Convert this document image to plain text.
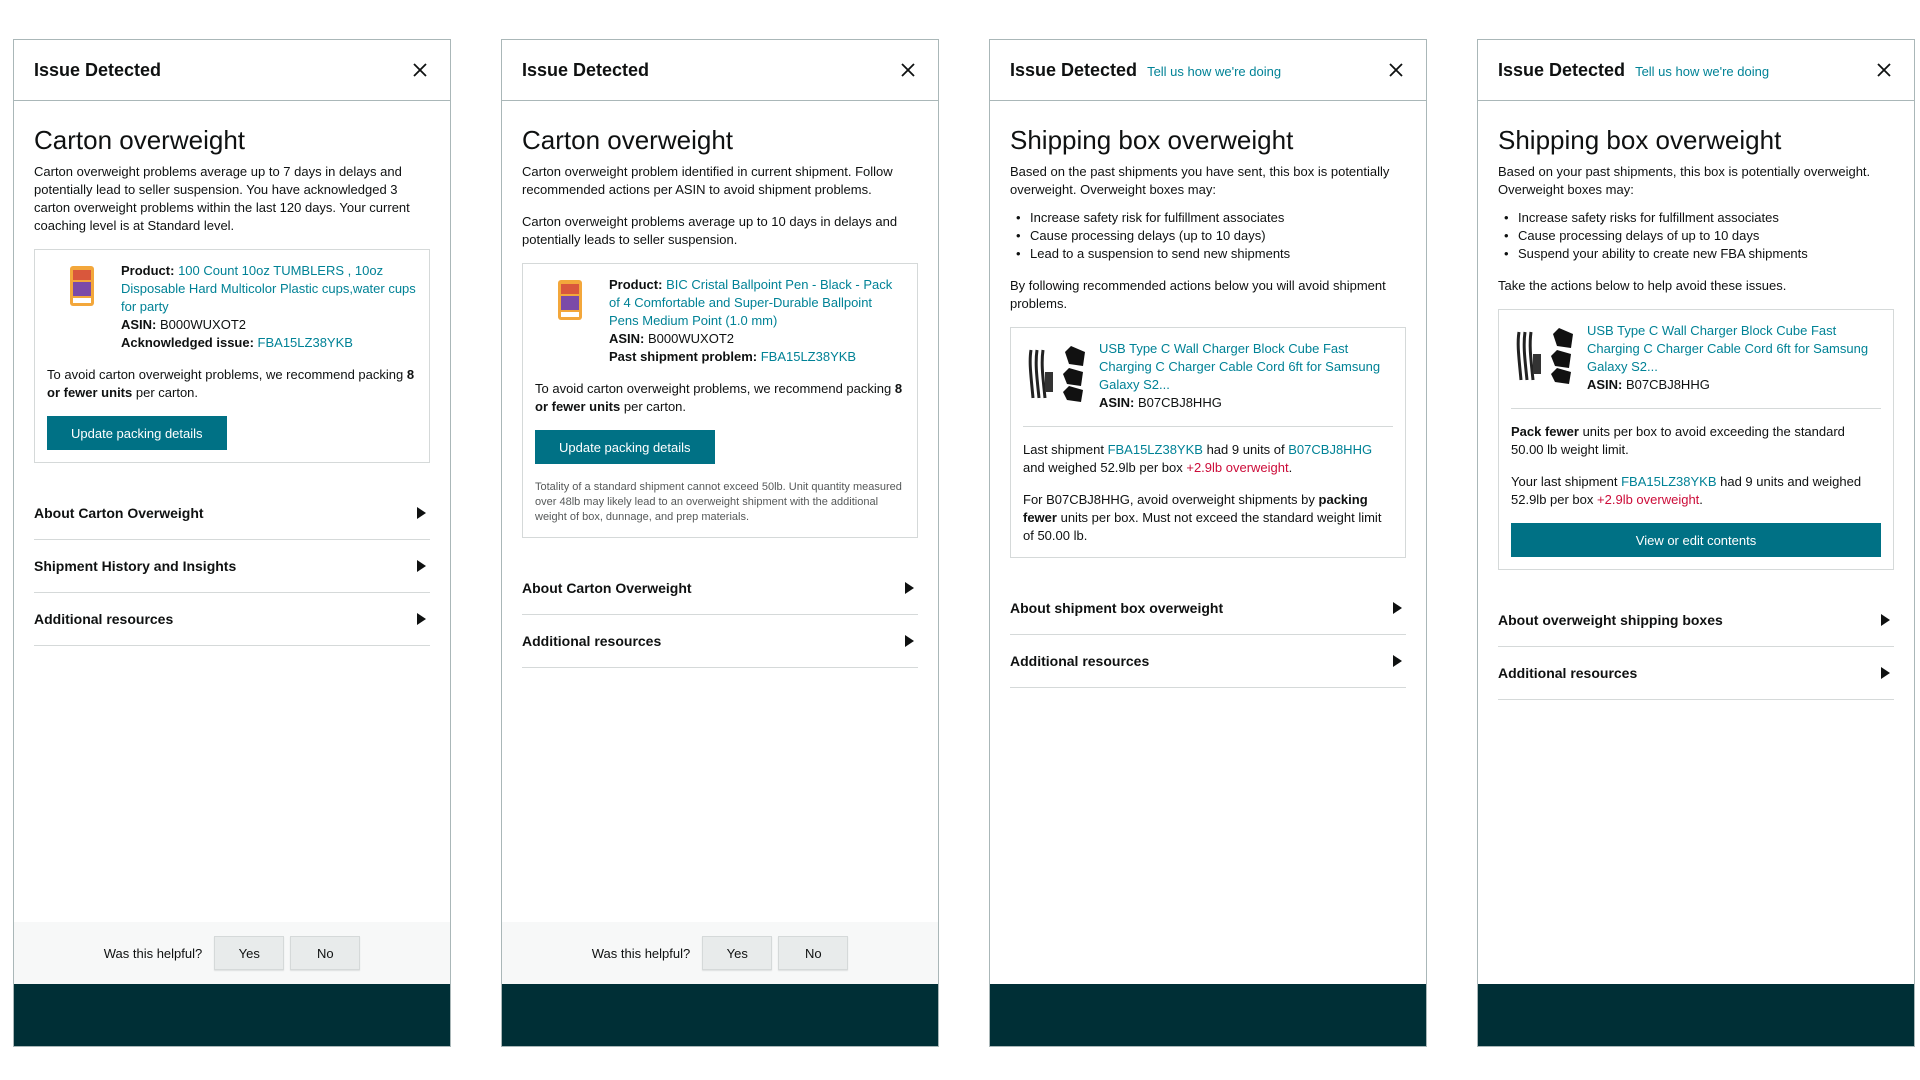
Issue Detected
Carton overweight

Carton overweight problems average up to 7 days in delays and potentially lead to seller suspension. You have acknowledged 3 carton overweight problems within the last 120 days. Your current coaching level is at Standard level.

Product: 100 Count 10oz TUMBLERS , 10oz Disposable Hard Multicolor Plastic cups,water cups for party
ASIN: B000WUXOT2
Acknowledged issue: FBA15LZ38YKB

To avoid carton overweight problems, we recommend packing 8 or fewer units per carton.

Update packing details
About Carton Overweight
Shipment History and Insights
Additional resources
Was this helpful?	Yes	No
Issue Detected
Carton overweight

Carton overweight problem identified in current shipment. Follow recommended actions per ASIN to avoid shipment problems.

Carton overweight problems average up to 10 days in delays and potentially leads to seller suspension.

Product: BIC Cristal Ballpoint Pen - Black - Pack of 4 Comfortable and Super-Durable Ballpoint Pens Medium Point (1.0 mm)
ASIN: B000WUXOT2
Past shipment problem: FBA15LZ38YKB

To avoid carton overweight problems, we recommend packing 8 or fewer units per carton.

Update packing details

Totality of a standard shipment cannot exceed 50lb. Unit quantity measured over 48lb may likely lead to an overweight shipment with the additional weight of box, dunnage, and prep materials.

About Carton Overweight
Additional resources
Was this helpful?	Yes	No
Issue Detected Tell us how we're doing
Shipping box overweight

Based on the past shipments you have sent, this box is potentially overweight. Overweight boxes may:

• Increase safety risk for fulfillment associates
• Cause processing delays (up to 10 days)
• Lead to a suspension to send new shipments

By following recommended actions below you will avoid shipment problems.

USB Type C Wall Charger Block Cube Fast Charging C Charger Cable Cord 6ft for Samsung Galaxy S2...
ASIN: B07CBJ8HHG

Last shipment FBA15LZ38YKB had 9 units of B07CBJ8HHG and weighed 52.9lb per box +2.9lb overweight.

For B07CBJ8HHG, avoid overweight shipments by packing fewer units per box. Must not exceed the standard weight limit of 50.00 lb.

About shipment box overweight
Additional resources
Issue Detected Tell us how we're doing
Shipping box overweight

Based on your past shipments, this box is potentially overweight. Overweight boxes may:

• Increase safety risks for fulfillment associates
• Cause processing delays of up to 10 days
• Suspend your ability to create new FBA shipments

Take the actions below to help avoid these issues.

USB Type C Wall Charger Block Cube Fast Charging C Charger Cable Cord 6ft for Samsung Galaxy S2...
ASIN: B07CBJ8HHG

Pack fewer units per box to avoid exceeding the standard 50.00 lb weight limit.

Your last shipment FBA15LZ38YKB had 9 units and weighed 52.9lb per box +2.9lb overweight.

View or edit contents
About overweight shipping boxes
Additional resources
